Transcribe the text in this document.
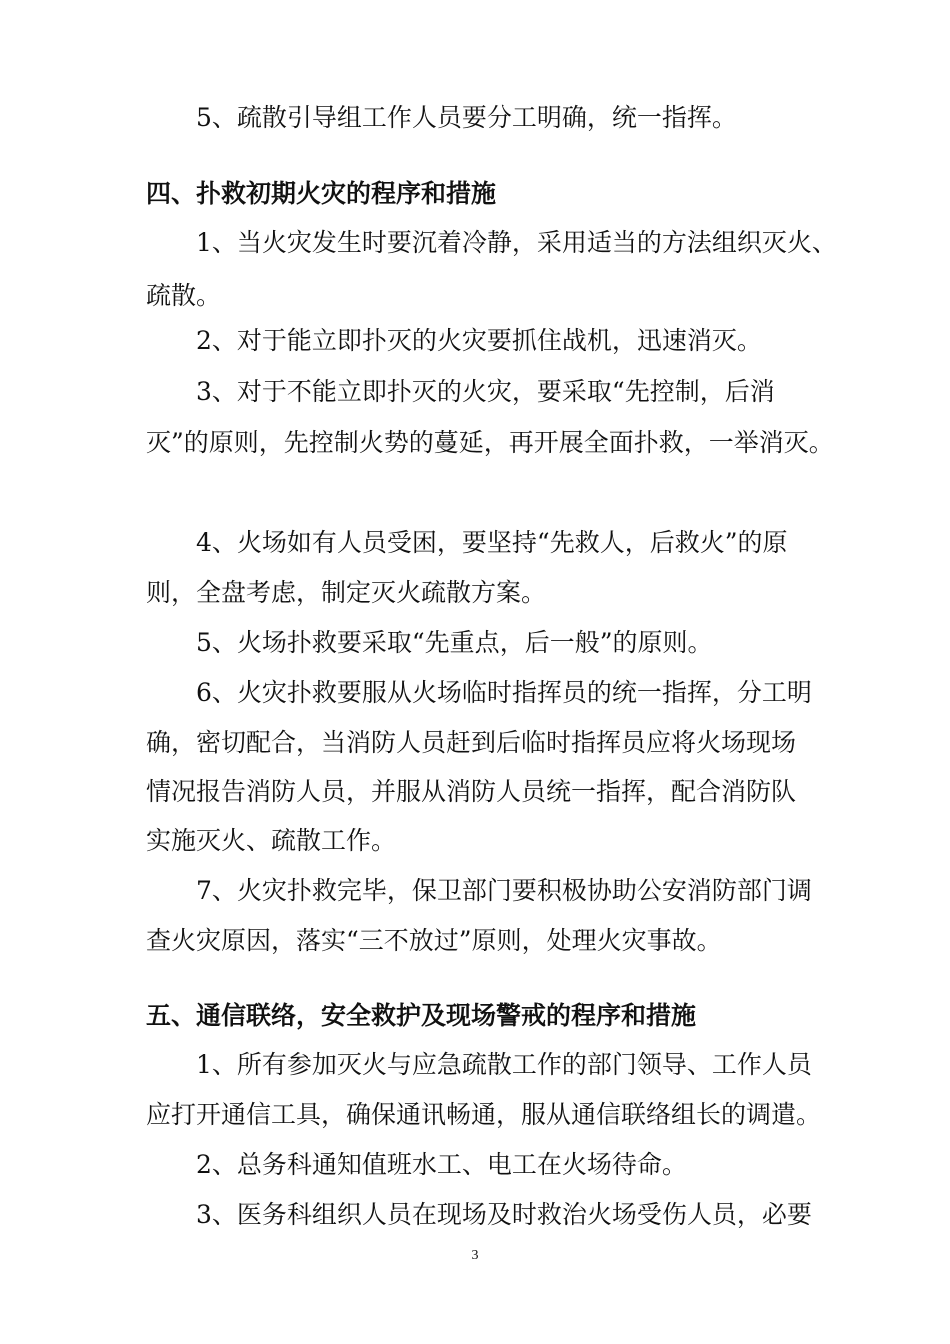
5、疏散引导组工作人员要分工明确，统一指挥。
四、扑救初期火灾的程序和措施
1、当火灾发生时要沉着冷静，采用适当的方法组织灭火、
疏散。
2、对于能立即扑灭的火灾要抓住战机，迅速消灭。
3、对于不能立即扑灭的火灾，要采取“先控制，后消
灭”的原则，先控制火势的蔓延，再开展全面扑救，一举消灭。
4、火场如有人员受困，要坚持“先救人，后救火”的原
则，全盘考虑，制定灭火疏散方案。
5、火场扑救要采取“先重点，后一般”的原则。
6、火灾扑救要服从火场临时指挥员的统一指挥，分工明
确，密切配合，当消防人员赶到后临时指挥员应将火场现场
情况报告消防人员，并服从消防人员统一指挥，配合消防队
实施灭火、疏散工作。
7、火灾扑救完毕，保卫部门要积极协助公安消防部门调
查火灾原因，落实“三不放过”原则，处理火灾事故。
五、通信联络，安全救护及现场警戒的程序和措施
1、所有参加灭火与应急疏散工作的部门领导、工作人员
应打开通信工具，确保通讯畅通，服从通信联络组长的调遣。
2、总务科通知值班水工、电工在火场待命。
3、医务科组织人员在现场及时救治火场受伤人员，必要
3
